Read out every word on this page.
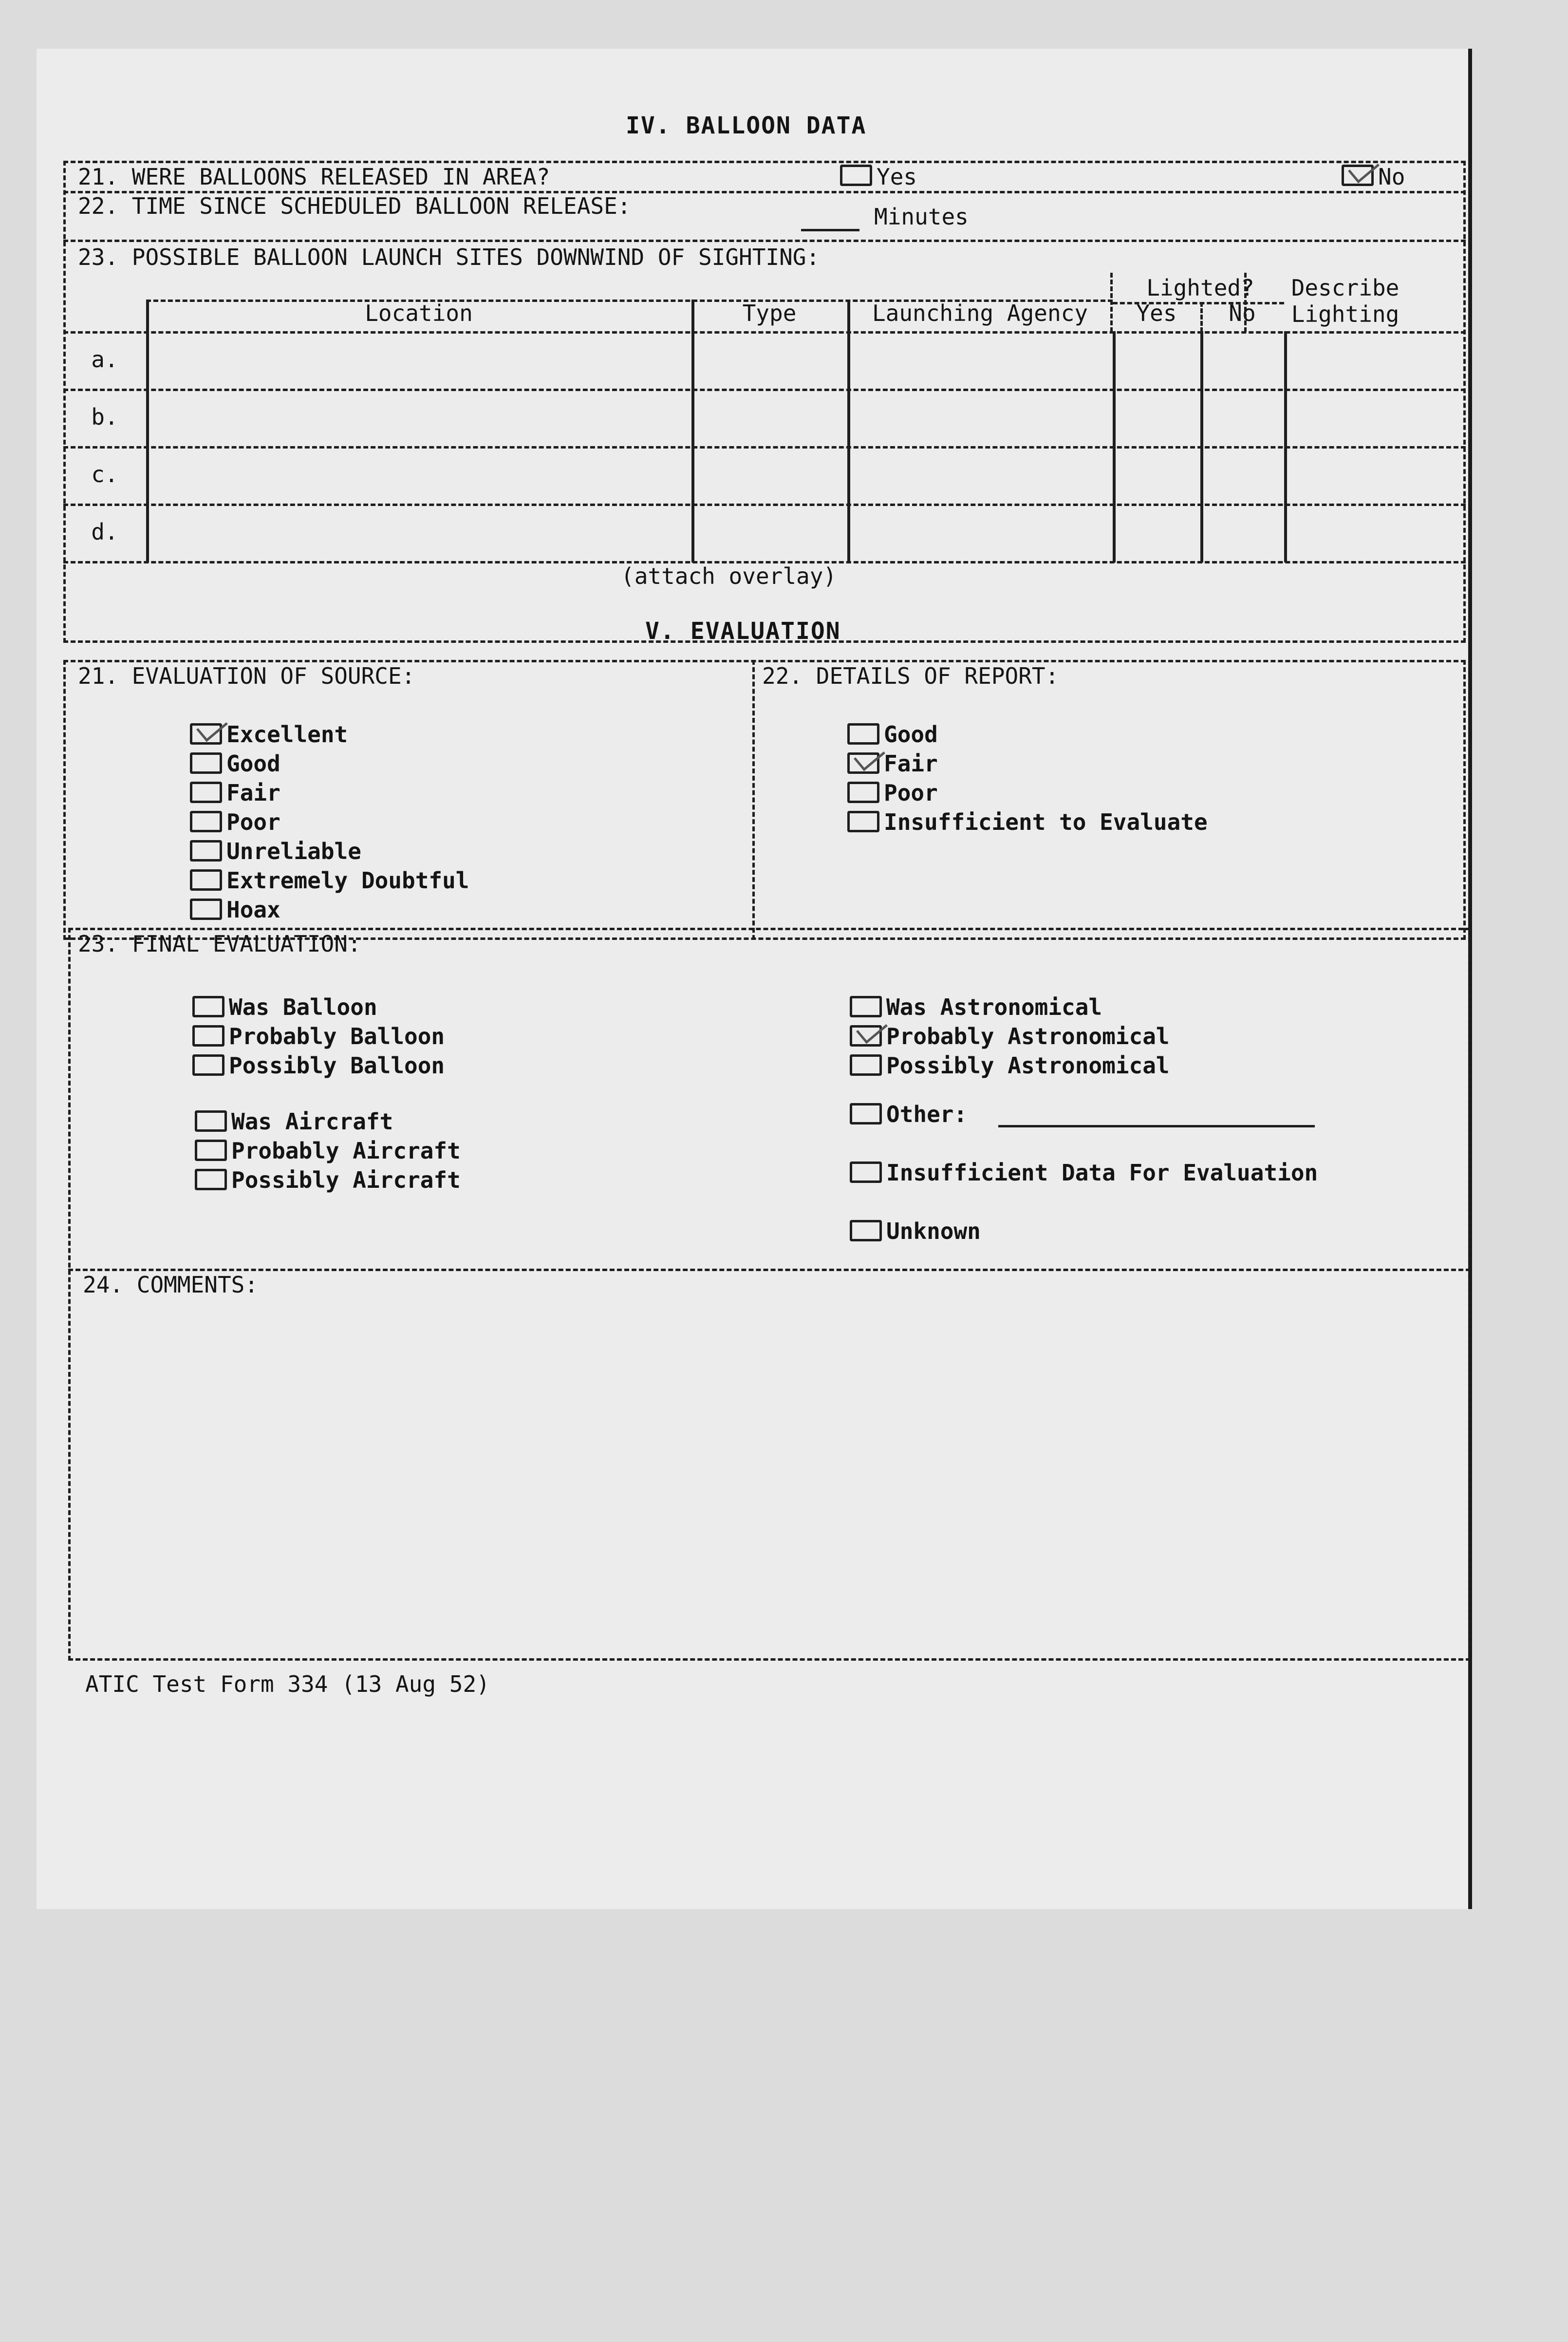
IV. BALLOON DATA
21. WERE BALLOONS RELEASED IN AREA?	Yes	No
22. TIME SINCE SCHEDULED BALLOON RELEASE:	Minutes
23. POSSIBLE BALLOON LAUNCH SITES DOWNWIND OF SIGHTING:
Lighted?	Describe
Location	Type	Launching Agency	Yes	No	Lighting
a.
b.
c.
d.
(attach overlay)
V. EVALUATION
21. EVALUATION OF SOURCE:	22. DETAILS OF REPORT:
Excellent
Good
Fair
Poor
Unreliable
Extremely Doubtful
Hoax
Good
Fair
Poor
Insufficient to Evaluate
23. FINAL EVALUATION:
Was Balloon
Probably Balloon
Possibly Balloon
Was Aircraft
Probably Aircraft
Possibly Aircraft
Was Astronomical
Probably Astronomical
Possibly Astronomical
Other:
Insufficient Data For Evaluation
Unknown
24. COMMENTS:
ATIC Test Form 334 (13 Aug 52)
